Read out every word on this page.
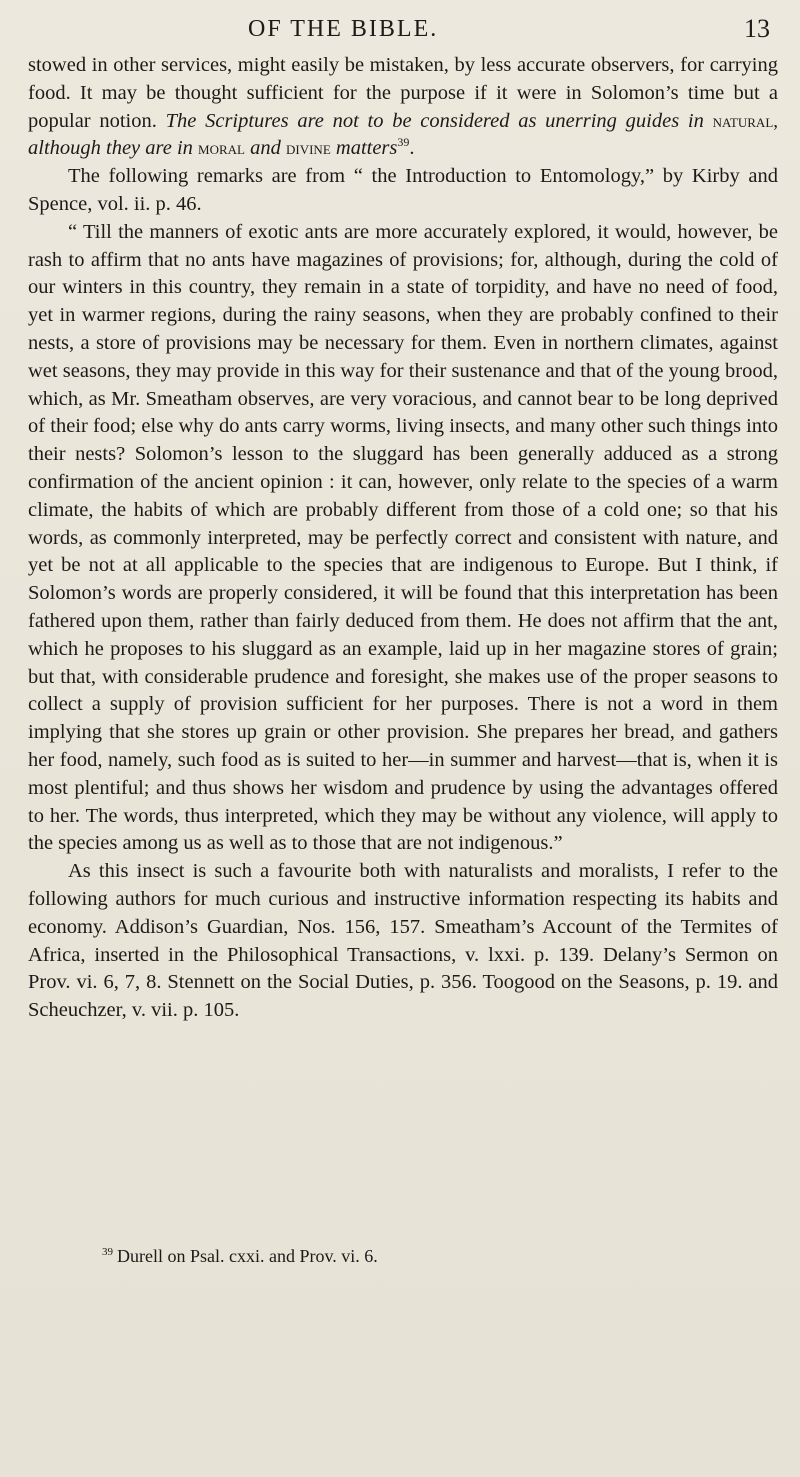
OF THE BIBLE.	13

stowed in other services, might easily be mistaken, by less accurate observers, for carrying food. It may be thought sufficient for the purpose if it were in Solomon’s time but a popular notion. The Scriptures are not to be considered as unerring guides in natural, although they are in moral and divine matters$^{39}$.

The following remarks are from “ the Introduction to Entomology,” by Kirby and Spence, vol. ii. p. 46.

“ Till the manners of exotic ants are more accurately explored, it would, however, be rash to affirm that no ants have magazines of provisions; for, although, during the cold of our winters in this country, they remain in a state of torpidity, and have no need of food, yet in warmer regions, during the rainy seasons, when they are probably confined to their nests, a store of provisions may be necessary for them. Even in northern climates, against wet seasons, they may provide in this way for their sustenance and that of the young brood, which, as Mr. Smeatham observes, are very voracious, and cannot bear to be long deprived of their food; else why do ants carry worms, living insects, and many other such things into their nests? Solomon’s lesson to the sluggard has been generally adduced as a strong confirmation of the ancient opinion : it can, however, only relate to the species of a warm climate, the habits of which are probably different from those of a cold one; so that his words, as commonly interpreted, may be perfectly correct and consistent with nature, and yet be not at all applicable to the species that are indigenous to Europe. But I think, if Solomon’s words are properly considered, it will be found that this interpretation has been fathered upon them, rather than fairly deduced from them. He does not affirm that the ant, which he proposes to his sluggard as an example, laid up in her magazine stores of grain; but that, with considerable prudence and foresight, she makes use of the proper seasons to collect a supply of provision sufficient for her purposes. There is not a word in them implying that she stores up grain or other provision. She prepares her bread, and gathers her food, namely, such food as is suited to her—in summer and harvest—that is, when it is most plentiful; and thus shows her wisdom and prudence by using the advantages offered to her. The words, thus interpreted, which they may be without any violence, will apply to the species among us as well as to those that are not indigenous.”

As this insect is such a favourite both with naturalists and moralists, I refer to the following authors for much curious and instructive information respecting its habits and economy. Addison’s Guardian, Nos. 156, 157. Smeatham’s Account of the Termites of Africa, inserted in the Philosophical Transactions, v. lxxi. p. 139. Delany’s Sermon on Prov. vi. 6, 7, 8. Stennett on the Social Duties, p. 356. Toogood on the Seasons, p. 19. and Scheuchzer, v. vii. p. 105.

$^{39}$ Durell on Psal. cxxi. and Prov. vi. 6.
